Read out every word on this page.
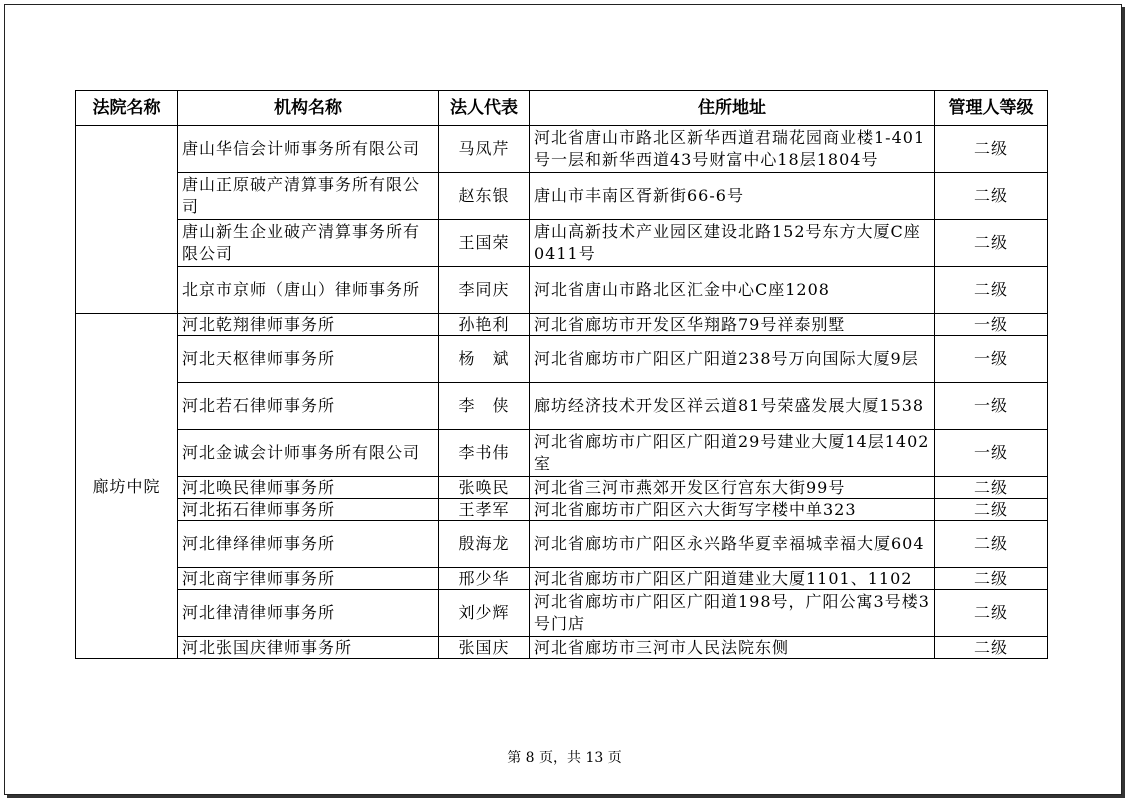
法院名称	机构名称	法人代表	住所地址	管理人等级
	唐山华信会计师事务所有限公司	马凤芹	河北省唐山市路北区新华西道君瑞花园商业楼1-401号一层和新华西道43号财富中心18层1804号	二级
	唐山正原破产清算事务所有限公司	赵东银	唐山市丰南区胥新街66-6号	二级
	唐山新生企业破产清算事务所有限公司	王国荣	唐山高新技术产业园区建设北路152号东方大厦C座0411号	二级
	北京市京师（唐山）律师事务所	李同庆	河北省唐山市路北区汇金中心C座1208	二级
廊坊中院	河北乾翔律师事务所	孙艳利	河北省廊坊市开发区华翔路79号祥泰别墅	一级
	河北天枢律师事务所	杨　斌	河北省廊坊市广阳区广阳道238号万向国际大厦9层	一级
	河北若石律师事务所	李　侠	廊坊经济技术开发区祥云道81号荣盛发展大厦1538	一级
	河北金诚会计师事务所有限公司	李书伟	河北省廊坊市广阳区广阳道29号建业大厦14层1402室	一级
	河北唤民律师事务所	张唤民	河北省三河市燕郊开发区行宫东大街99号	二级
	河北拓石律师事务所	王孝军	河北省廊坊市广阳区六大街写字楼中单323	二级
	河北律绎律师事务所	殷海龙	河北省廊坊市广阳区永兴路华夏幸福城幸福大厦604	二级
	河北商宇律师事务所	邢少华	河北省廊坊市广阳区广阳道建业大厦1101、1102	二级
	河北律清律师事务所	刘少辉	河北省廊坊市广阳区广阳道198号，广阳公寓3号楼3号门店	二级
	河北张国庆律师事务所	张国庆	河北省廊坊市三河市人民法院东侧	二级
第 8 页，共 13 页
